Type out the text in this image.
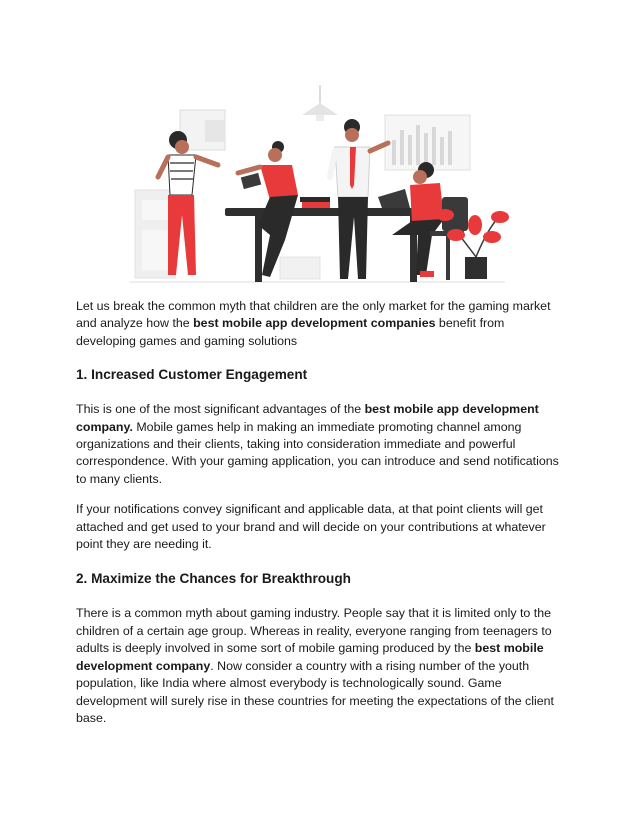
Let us break the common myth that children are the only market for the gaming market and analyze how the best mobile app development companies benefit from developing games and gaming solutions

1. Increased Customer Engagement

This is one of the most significant advantages of the best mobile app development company. Mobile games help in making an immediate promoting channel among organizations and their clients, taking into consideration immediate and powerful correspondence. With your gaming application, you can introduce and send notifications to many clients.

If your notifications convey significant and applicable data, at that point clients will get attached and get used to your brand and will decide on your contributions at whatever point they are needing it.

2. Maximize the Chances for Breakthrough

There is a common myth about gaming industry. People say that it is limited only to the children of a certain age group. Whereas in reality, everyone ranging from teenagers to adults is deeply involved in some sort of mobile gaming produced by the best mobile development company. Now consider a country with a rising number of the youth population, like India where almost everybody is technologically sound. Game development will surely rise in these countries for meeting the expectations of the client base.
